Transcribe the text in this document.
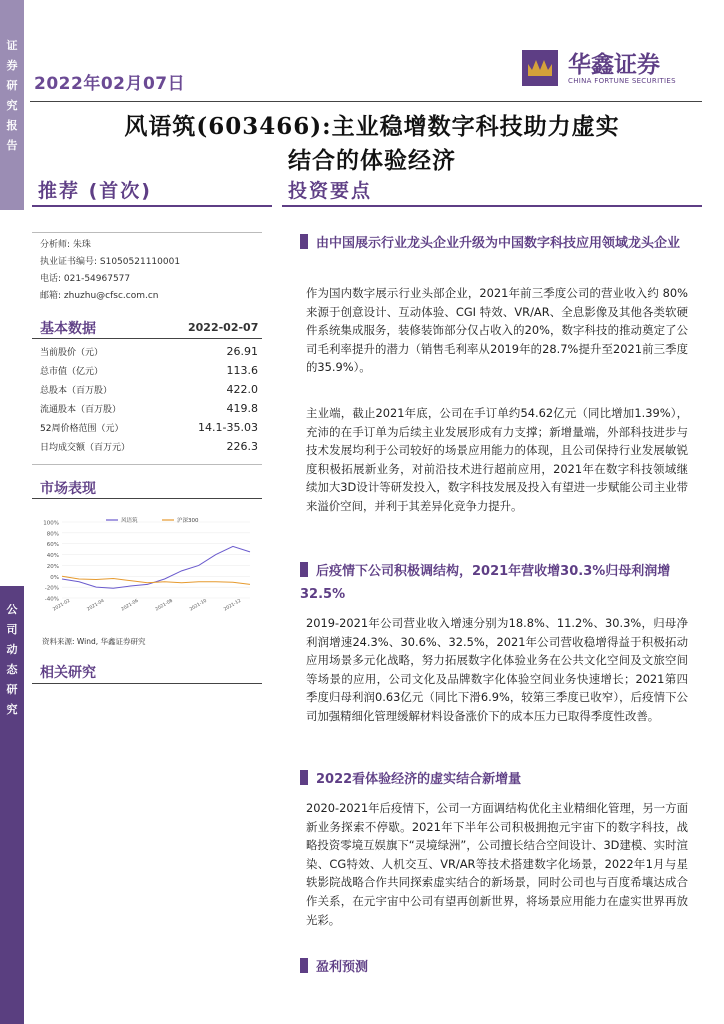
证
券
研
究
报
告
公
司
动
态
研
究
2022年02月07日
华鑫证券
CHINA FORTUNE SECURITIES
风语筑(603466):主业稳增数字科技助力虚实
结合的体验经济
推荐 (首次)	投资要点
分析师: 朱珠
执业证书编号: S1050521110001
电话: 021-54967577
邮箱: zhuzhu@cfsc.com.cn
基本数据	2022-02-07
当前股价（元）	26.91
总市值（亿元）	113.6
总股本（百万股）	422.0
流通股本（百万股）	419.8
52周价格范围（元）	14.1-35.03
日均成交额（百万元）	226.3
市场表现
100%
80%
60%
40%
20%
0%
-20%
-40%
2021-02	2021-04	2021-06	2021-08	2021-10	2021-12
风语筑	沪深300
资料来源: Wind, 华鑫证券研究
相关研究
由中国展示行业龙头企业升级为中国数字科技应用领域龙头企业
作为国内数字展示行业头部企业，2021年前三季度公司的营业收入约 80%来源于创意设计、互动体验、CGI 特效、VR/AR、全息影像及其他各类软硬件系统集成服务，装修装饰部分仅占收入的20%，数字科技的推动奠定了公司毛利率提升的潜力（销售毛利率从2019年的28.7%提升至2021前三季度的35.9%）。
主业端，截止2021年底，公司在手订单约54.62亿元（同比增加1.39%），充沛的在手订单为后续主业发展形成有力支撑；新增量端，外部科技进步与技术发展均利于公司较好的场景应用能力的体现，且公司保持行业发展敏锐度积极拓展新业务，对前沿技术进行超前应用，2021年在数字科技领域继续加大3D设计等研发投入，数字科技发展及投入有望进一步赋能公司主业带来溢价空间，并利于其差异化竞争力提升。
后疫情下公司积极调结构，2021年营收增30.3%归母利润增32.5%
2019-2021年公司营业收入增速分别为18.8%、11.2%、30.3%，归母净利润增速24.3%、30.6%、32.5%，2021年公司营收稳增得益于积极拓动应用场景多元化战略，努力拓展数字化体验业务在公共文化空间及文旅空间等场景的应用，公司文化及品牌数字化体验空间业务快速增长；2021第四季度归母利润0.63亿元（同比下滑6.9%，较第三季度已收窄），后疫情下公司加强精细化管理缓解材料设备涨价下的成本压力已取得季度性改善。
2022看体验经济的虚实结合新增量
2020-2021年后疫情下，公司一方面调结构优化主业精细化管理，另一方面新业务探索不停歇。2021年下半年公司积极拥抱元宇宙下的数字科技，战略投资零境互娱旗下“灵境绿洲”，公司擅长结合空间设计、3D建模、实时渲染、CG特效、人机交互、VR/AR等技术搭建数字化场景，2022年1月与星轶影院战略合作共同探索虚实结合的新场景，同时公司也与百度希壤达成合作关系，在元宇宙中公司有望再创新世界，将场景应用能力在虚实世界再放光彩。
盈利预测
